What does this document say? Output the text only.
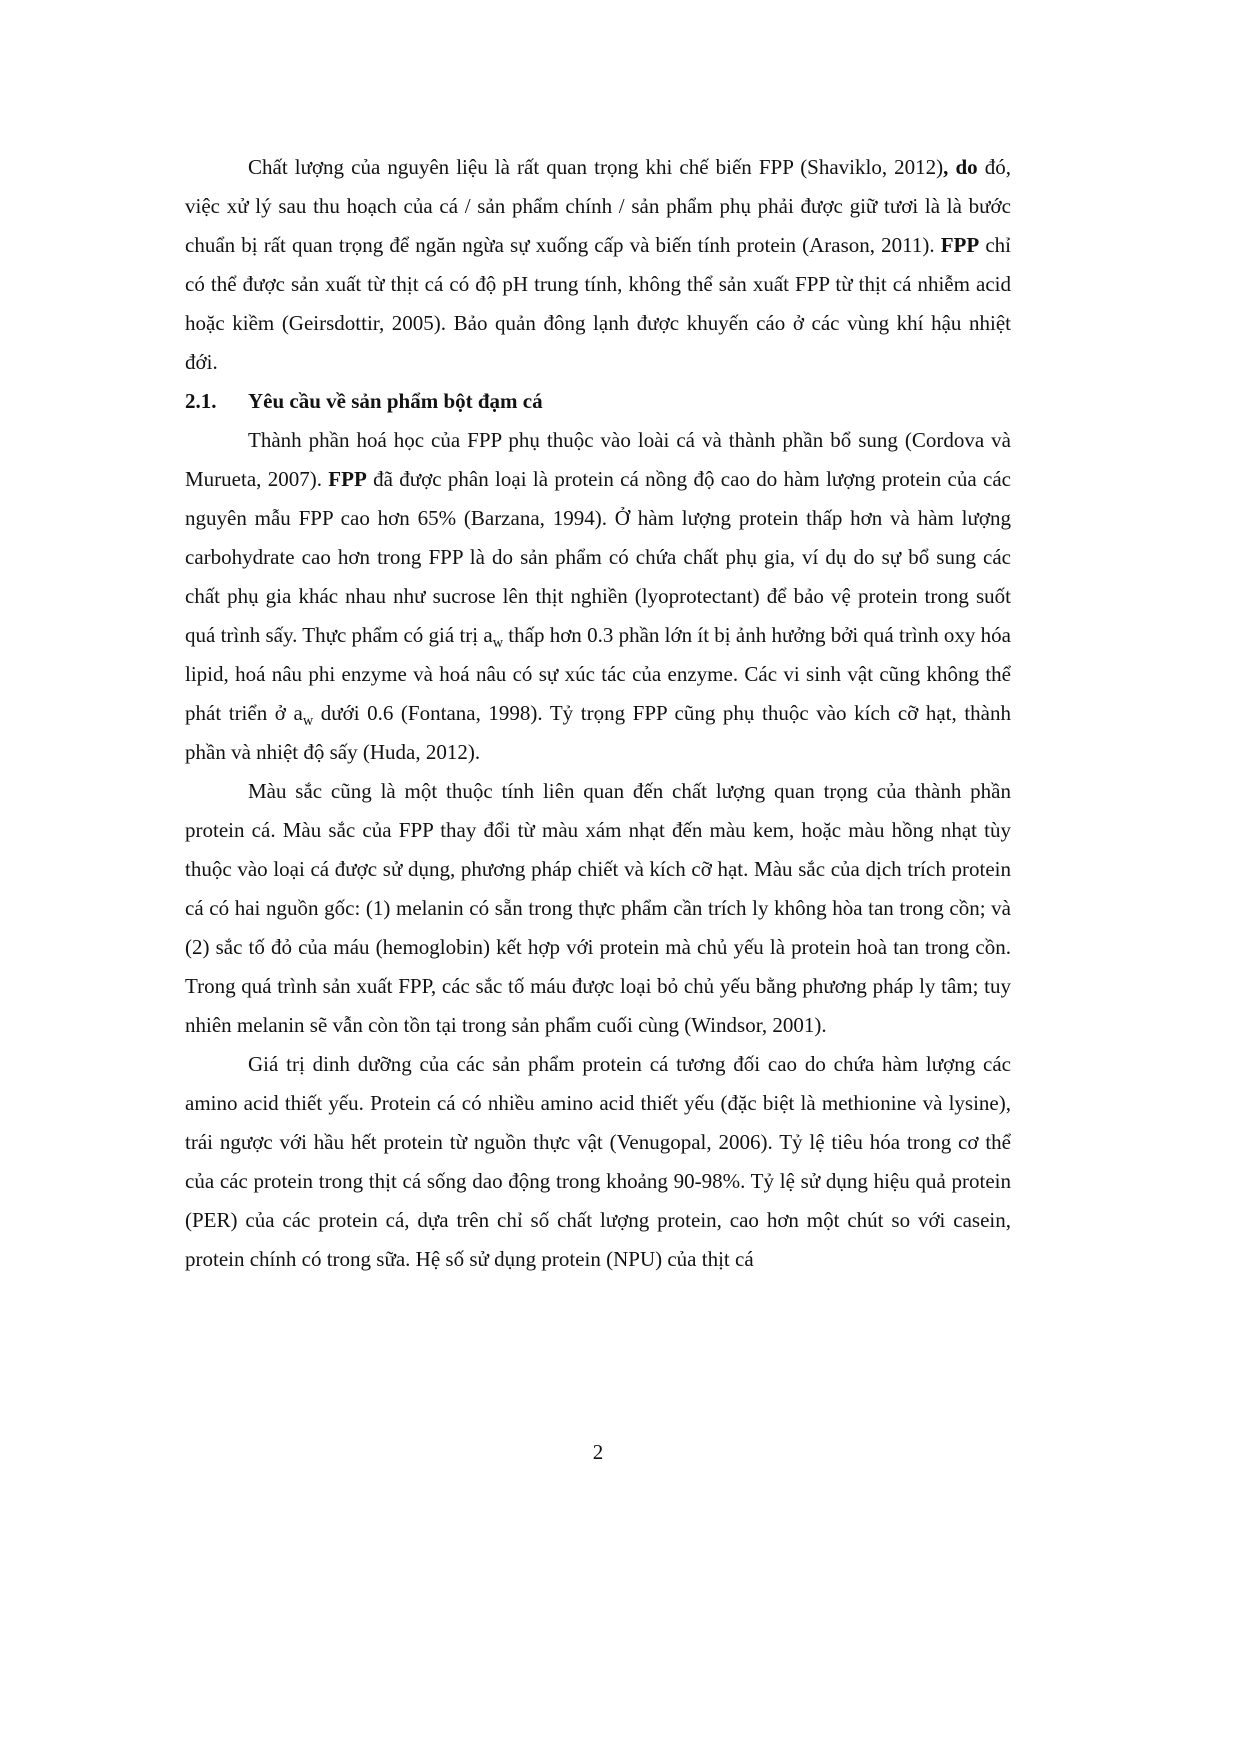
Chất lượng của nguyên liệu là rất quan trọng khi chế biến FPP (Shaviklo, 2012), do đó, việc xử lý sau thu hoạch của cá / sản phẩm chính / sản phẩm phụ phải được giữ tươi là là bước chuẩn bị rất quan trọng để ngăn ngừa sự xuống cấp và biến tính protein (Arason, 2011). FPP chỉ có thể được sản xuất từ thịt cá có độ pH trung tính, không thể sản xuất FPP từ thịt cá nhiễm acid hoặc kiềm (Geirsdottir, 2005). Bảo quản đông lạnh được khuyến cáo ở các vùng khí hậu nhiệt đới.

2.1. Yêu cầu về sản phẩm bột đạm cá

Thành phần hoá học của FPP phụ thuộc vào loài cá và thành phần bổ sung (Cordova và Murueta, 2007). FPP đã được phân loại là protein cá nồng độ cao do hàm lượng protein của các nguyên mẫu FPP cao hơn 65% (Barzana, 1994). Ở hàm lượng protein thấp hơn và hàm lượng carbohydrate cao hơn trong FPP là do sản phẩm có chứa chất phụ gia, ví dụ do sự bổ sung các chất phụ gia khác nhau như sucrose lên thịt nghiền (lyoprotectant) để bảo vệ protein trong suốt quá trình sấy. Thực phẩm có giá trị $a_w$ thấp hơn 0.3 phần lớn ít bị ảnh hưởng bởi quá trình oxy hóa lipid, hoá nâu phi enzyme và hoá nâu có sự xúc tác của enzyme. Các vi sinh vật cũng không thể phát triển ở $a_w$ dưới 0.6 (Fontana, 1998). Tỷ trọng FPP cũng phụ thuộc vào kích cỡ hạt, thành phần và nhiệt độ sấy (Huda, 2012).

Màu sắc cũng là một thuộc tính liên quan đến chất lượng quan trọng của thành phần protein cá. Màu sắc của FPP thay đổi từ màu xám nhạt đến màu kem, hoặc màu hồng nhạt tùy thuộc vào loại cá được sử dụng, phương pháp chiết và kích cỡ hạt. Màu sắc của dịch trích protein cá có hai nguồn gốc: (1) melanin có sẵn trong thực phẩm cần trích ly không hòa tan trong cồn; và (2) sắc tố đỏ của máu (hemoglobin) kết hợp với protein mà chủ yếu là protein hoà tan trong cồn. Trong quá trình sản xuất FPP, các sắc tố máu được loại bỏ chủ yếu bằng phương pháp ly tâm; tuy nhiên melanin sẽ vẫn còn tồn tại trong sản phẩm cuối cùng (Windsor, 2001).

Giá trị dinh dưỡng của các sản phẩm protein cá tương đối cao do chứa hàm lượng các amino acid thiết yếu. Protein cá có nhiều amino acid thiết yếu (đặc biệt là methionine và lysine), trái ngược với hầu hết protein từ nguồn thực vật (Venugopal, 2006). Tỷ lệ tiêu hóa trong cơ thể của các protein trong thịt cá sống dao động trong khoảng 90-98%. Tỷ lệ sử dụng hiệu quả protein (PER) của các protein cá, dựa trên chỉ số chất lượng protein, cao hơn một chút so với casein, protein chính có trong sữa. Hệ số sử dụng protein (NPU) của thịt cá

2
